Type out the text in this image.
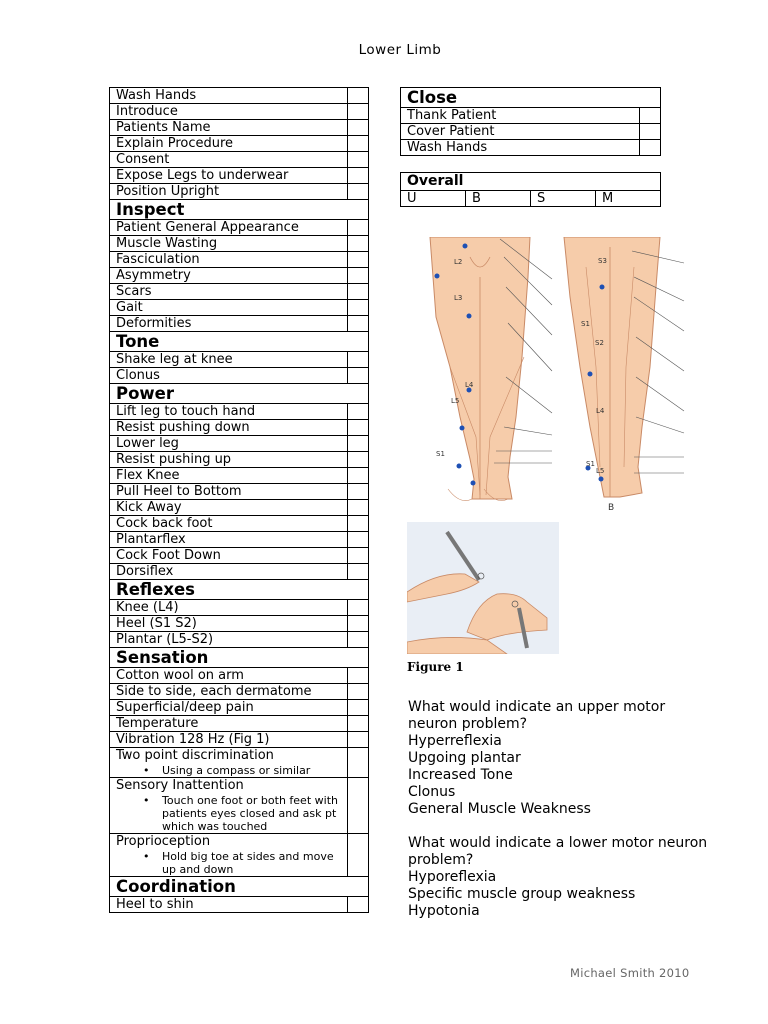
Lower Limb
Wash Hands	
Introduce	
Patients Name	
Explain Procedure	
Consent	
Expose Legs to underwear	
Position Upright	
Inspect	
Patient General Appearance	
Muscle Wasting	
Fasciculation	
Asymmetry	
Scars	
Gait	
Deformities	
Tone	
Shake leg at knee	
Clonus	
Power	
Lift leg to touch hand	
Resist pushing down	
Lower leg	
Resist pushing up	
Flex Knee	
Pull Heel to Bottom	
Kick Away	
Cock back foot	
Plantarflex	
Cock Foot Down	
Dorsiflex	
Reflexes	
Knee (L4)	
Heel (S1 S2)	
Plantar (L5-S2)	
Sensation	
Cotton wool on arm	
Side to side, each dermatome	
Superficial/deep pain	
Temperature	
Vibration 128 Hz (Fig 1)	

Two point discrimination
• Using a compass or similar

Sensory Inattention
• Touch one foot or both feet with patients eyes closed and ask pt which was touched

Proprioception
• Hold big toe at sides and move up and down

Coordination	
Heel to shin	
Close	
Thank Patient	
Cover Patient	
Wash Hands	
Overall
U	B	S	M
L2
L3
L4
L5
S1
S3
S1
S2
L4
S1
L5
B
Figure 1
What would indicate an upper motor neuron problem?
Hyperreflexia
Upgoing plantar
Increased Tone
Clonus
General Muscle Weakness
What would indicate a lower motor neuron problem?
Hyporeflexia
Specific muscle group weakness
Hypotonia
Michael Smith 2010
